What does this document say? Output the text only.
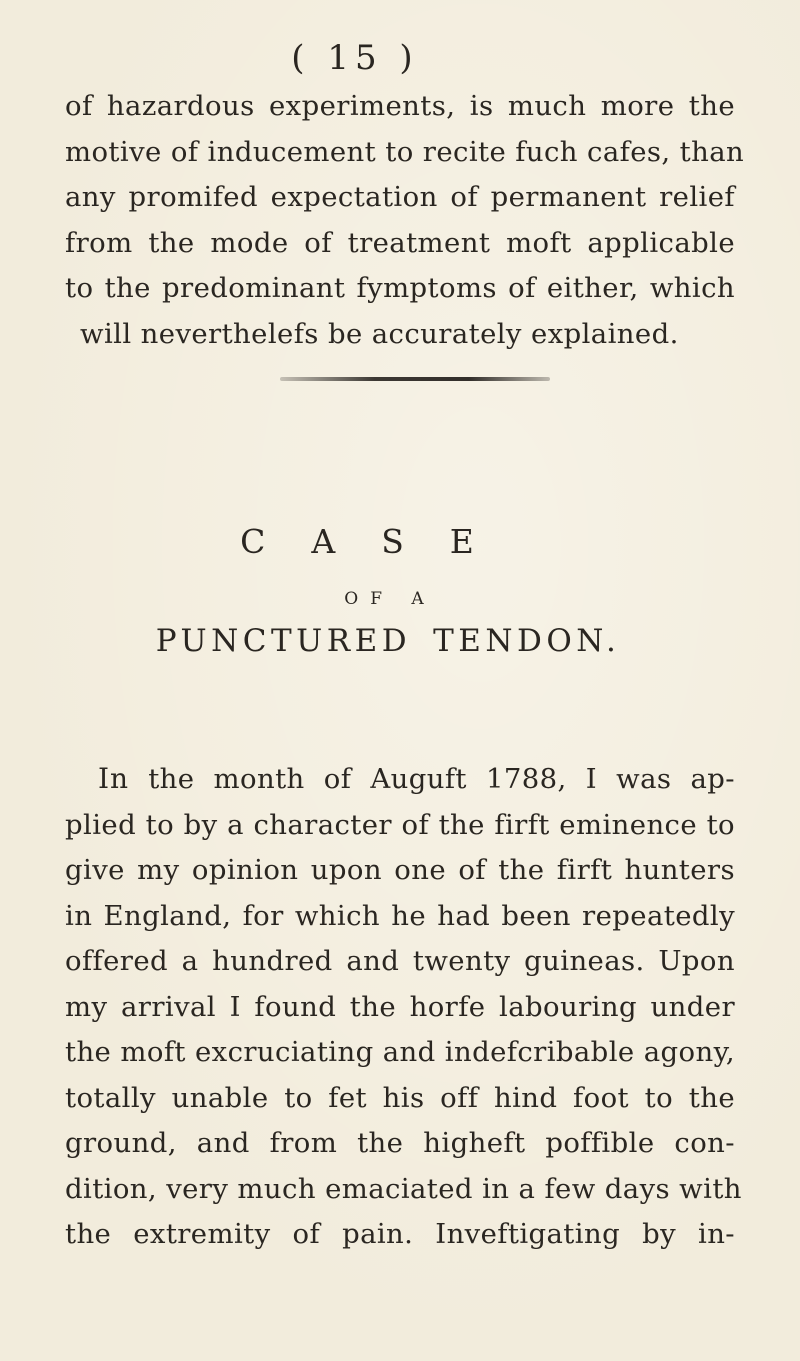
( 15 )
of hazardous experiments, is much more the
motive of inducement to recite fuch cafes, than
any promifed expectation of permanent relief
from the mode of treatment moft applicable
to the predominant fymptoms of either, which
will neverthelefs be accurately explained.
CASE
OF A
PUNCTURED TENDON.
In the month of Auguft 1788, I was ap-
plied to by a character of the firft eminence to
give my opinion upon one of the firft hunters
in England, for which he had been repeatedly
offered a hundred and twenty guineas. Upon
my arrival I found the horfe labouring under
the moft excruciating and indefcribable agony,
totally unable to fet his off hind foot to the
ground, and from the higheft poffible con-
dition, very much emaciated in a few days with
the extremity of pain. Inveftigating by in-
